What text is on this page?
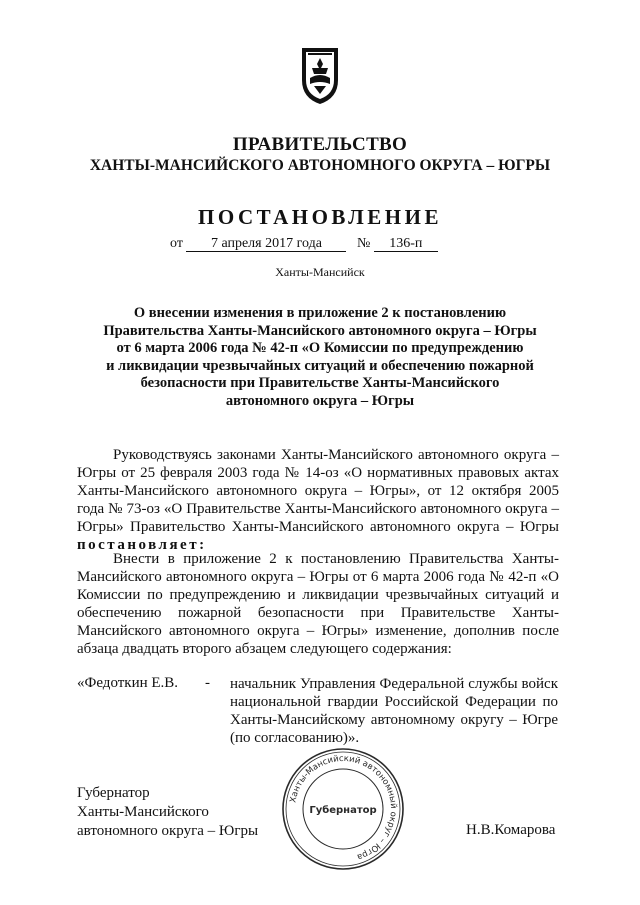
ПРАВИТЕЛЬСТВО
ХАНТЫ-МАНСИЙСКОГО АВТОНОМНОГО ОКРУГА – ЮГРЫ
ПОСТАНОВЛЕНИЕ
от 7 апреля 2017 года	№ 136-п
Ханты-Мансийск
О внесении изменения в приложение 2 к постановлению
Правительства Ханты-Мансийского автономного округа – Югры
от 6 марта 2006 года № 42-п «О Комиссии по предупреждению
и ликвидации чрезвычайных ситуаций и обеспечению пожарной
безопасности при Правительстве Ханты-Мансийского
автономного округа – Югры

Руководствуясь законами Ханты-Мансийского автономного округа – Югры от 25 февраля 2003 года № 14-оз «О нормативных правовых актах Ханты-Мансийского автономного округа – Югры», от 12 октября 2005 года № 73-оз «О Правительстве Ханты-Мансийского автономного округа – Югры» Правительство Ханты-Мансийского автономного округа – Югры постановляет:

Внести в приложение 2 к постановлению Правительства Ханты-Мансийского автономного округа – Югры от 6 марта 2006 года № 42-п «О Комиссии по предупреждению и ликвидации чрезвычайных ситуаций и обеспечению пожарной безопасности при Правительстве Ханты-Мансийского автономного округа – Югры» изменение, дополнив после абзаца двадцать второго абзацем следующего содержания:

«Федоткин Е.В. - начальник Управления Федеральной службы войск национальной гвардии Российской Федерации по Ханты-Мансийскому автономному округу – Югре (по согласованию)».
Губернатор
Ханты-Мансийского
автономного округа – Югры
Ханты-Мансийский автономный округ – Югра
Губернатор
Н.В.Комарова
